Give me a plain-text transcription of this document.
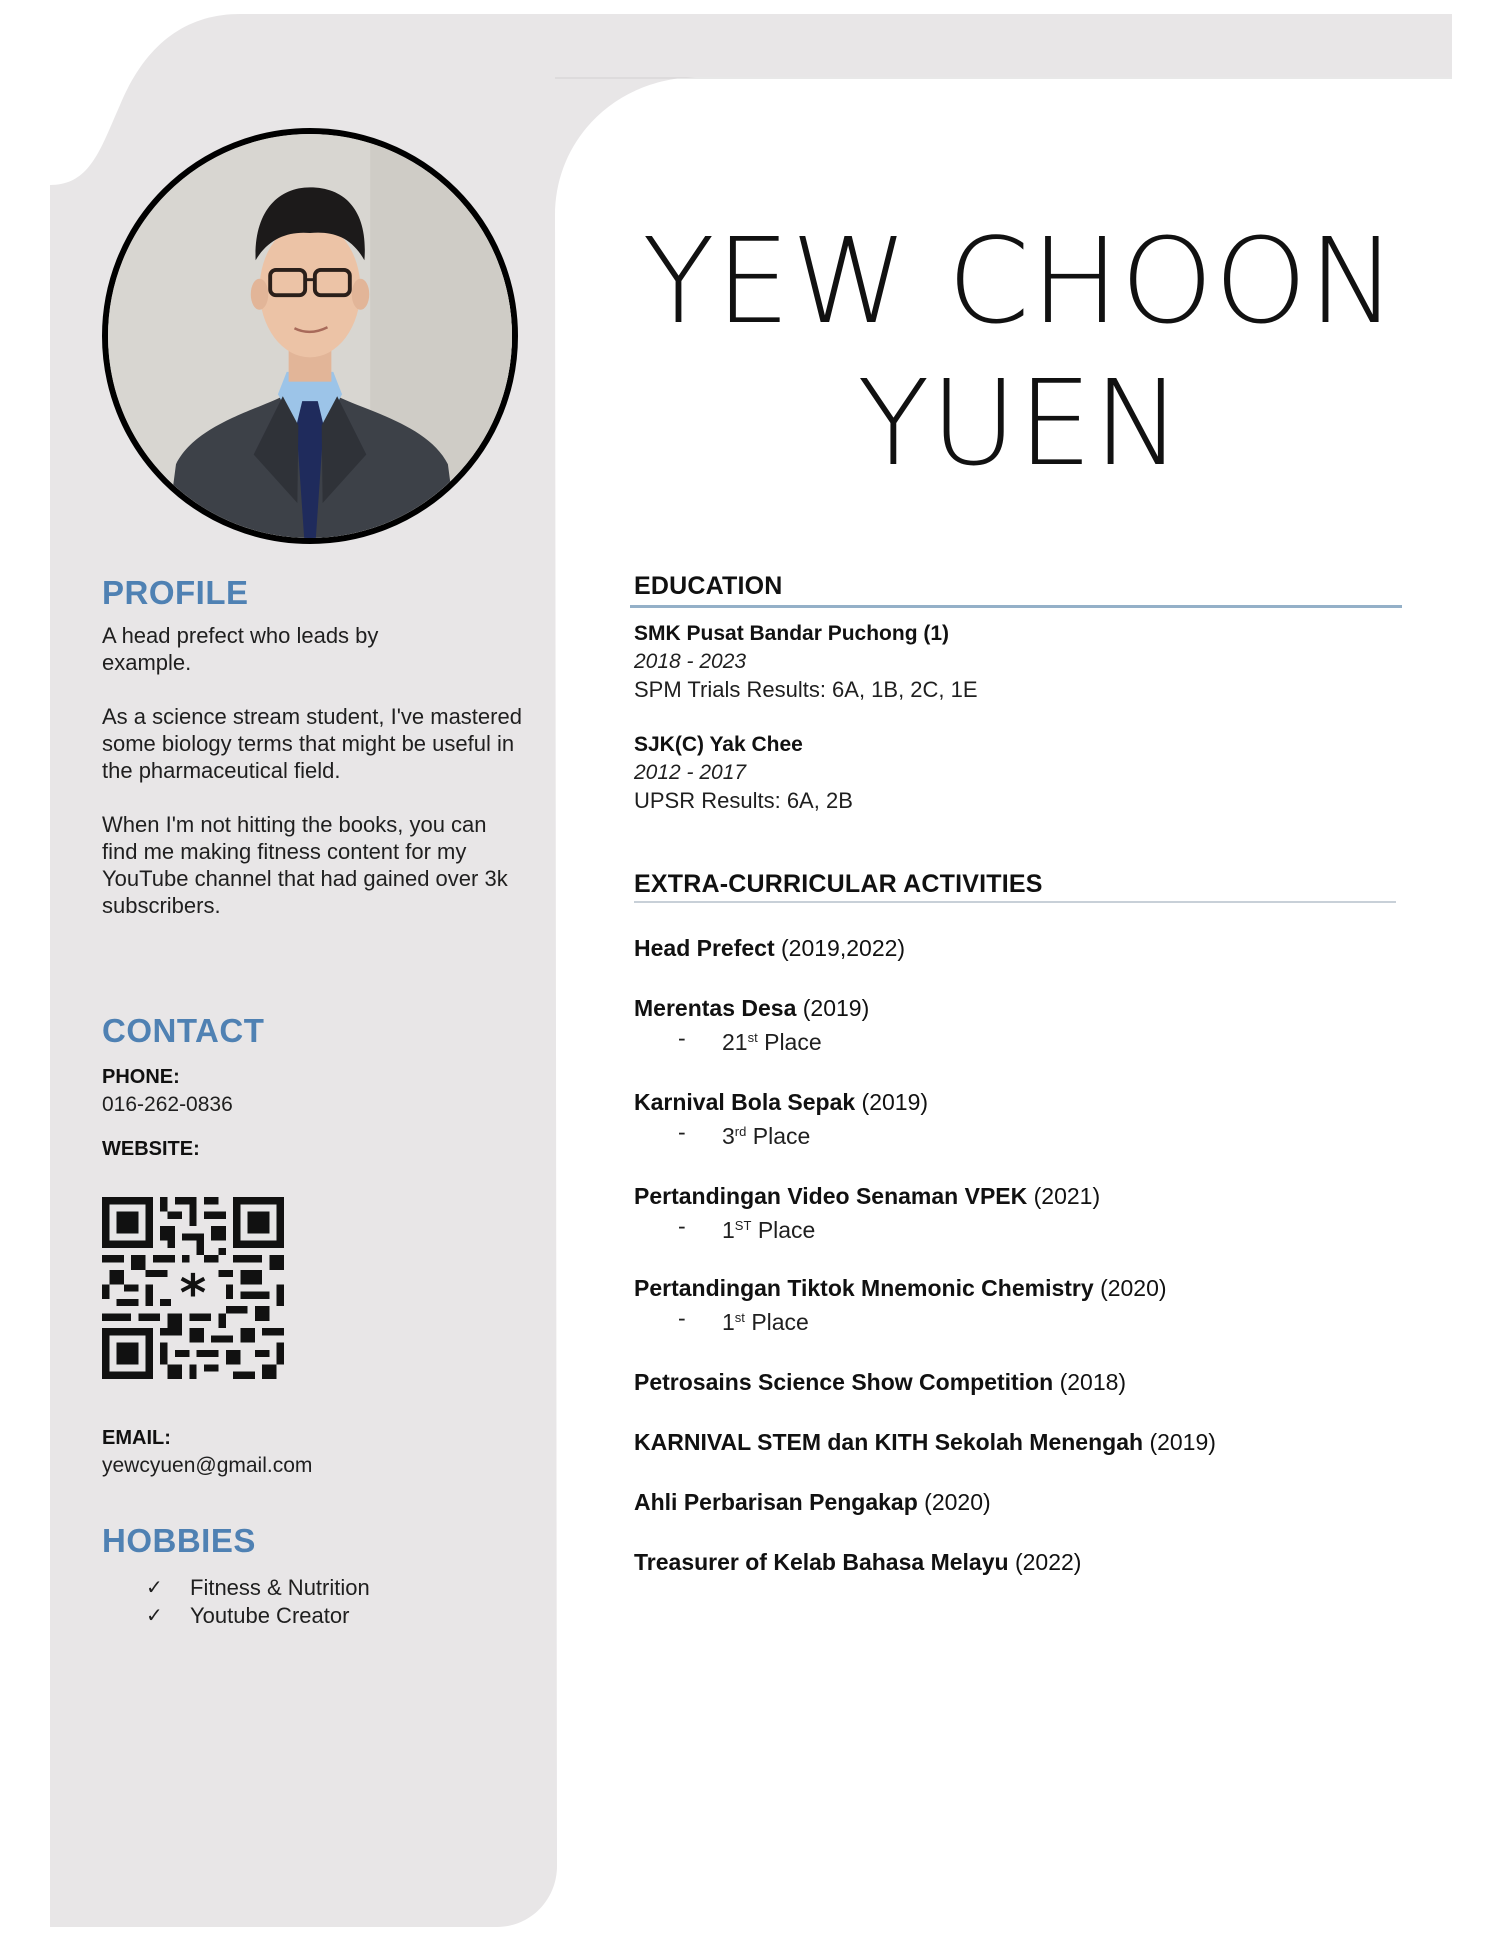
YEW CHOON
YUEN
PROFILE

A head prefect who leads by example.

As a science stream student, I've mastered some biology terms that might be useful in the pharmaceutical field.

When I'm not hitting the books, you can find me making fitness content for my YouTube channel that had gained over 3k subscribers.

CONTACT
PHONE:
016-262-0836
WEBSITE:
*
EMAIL:
yewcyuen@gmail.com
HOBBIES
✓	Fitness & Nutrition
✓	Youtube Creator
EDUCATION
SMK Pusat Bandar Puchong (1)
2018 - 2023
SPM Trials Results: 6A, 1B, 2C, 1E
SJK(C) Yak Chee
2012 - 2017
UPSR Results: 6A, 2B
EXTRA-CURRICULAR ACTIVITIES
Head Prefect (2019,2022)
Merentas Desa (2019)
-	21st Place
Karnival Bola Sepak (2019)
-	3rd Place
Pertandingan Video Senaman VPEK (2021)
-	1ST Place
Pertandingan Tiktok Mnemonic Chemistry (2020)
-	1st Place
Petrosains Science Show Competition (2018)
KARNIVAL STEM dan KITH Sekolah Menengah (2019)
Ahli Perbarisan Pengakap (2020)
Treasurer of Kelab Bahasa Melayu (2022)
